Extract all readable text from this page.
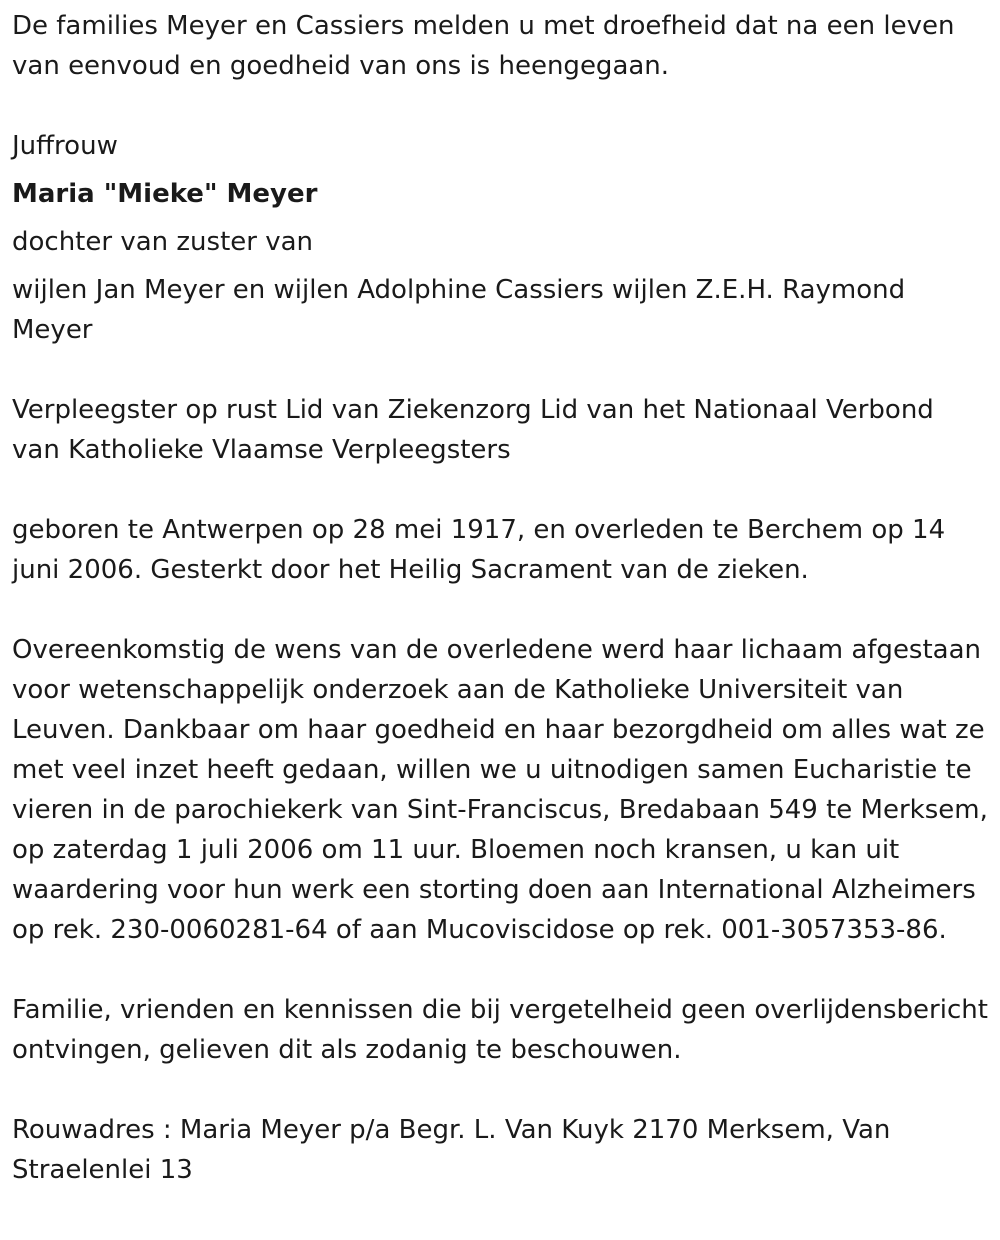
De families Meyer en Cassiers melden u met droefheid dat na een leven van eenvoud en goedheid van ons is heengegaan.

Juffrouw

Maria "Mieke" Meyer

dochter van zuster van

wijlen Jan Meyer en wijlen Adolphine Cassiers wijlen Z.E.H. Raymond Meyer

Verpleegster op rust Lid van Ziekenzorg Lid van het Nationaal Verbond van Katholieke Vlaamse Verpleegsters

geboren te Antwerpen op 28 mei 1917, en overleden te Berchem op 14 juni 2006. Gesterkt door het Heilig Sacrament van de zieken.

Overeenkomstig de wens van de overledene werd haar lichaam afgestaan voor wetenschappelijk onderzoek aan de Katholieke Universiteit van Leuven. Dankbaar om haar goedheid en haar bezorgdheid om alles wat ze met veel inzet heeft gedaan, willen we u uitnodigen samen Eucharistie te vieren in de parochiekerk van Sint-Franciscus, Bredabaan 549 te Merksem, op zaterdag 1 juli 2006 om 11 uur. Bloemen noch kransen, u kan uit waardering voor hun werk een storting doen aan International Alzheimers op rek. 230-0060281-64 of aan Mucoviscidose op rek. 001-3057353-86.

Familie, vrienden en kennissen die bij vergetelheid geen overlijdensbericht ontvingen, gelieven dit als zodanig te beschouwen.

Rouwadres : Maria Meyer p/a Begr. L. Van Kuyk 2170 Merksem, Van Straelenlei 13
